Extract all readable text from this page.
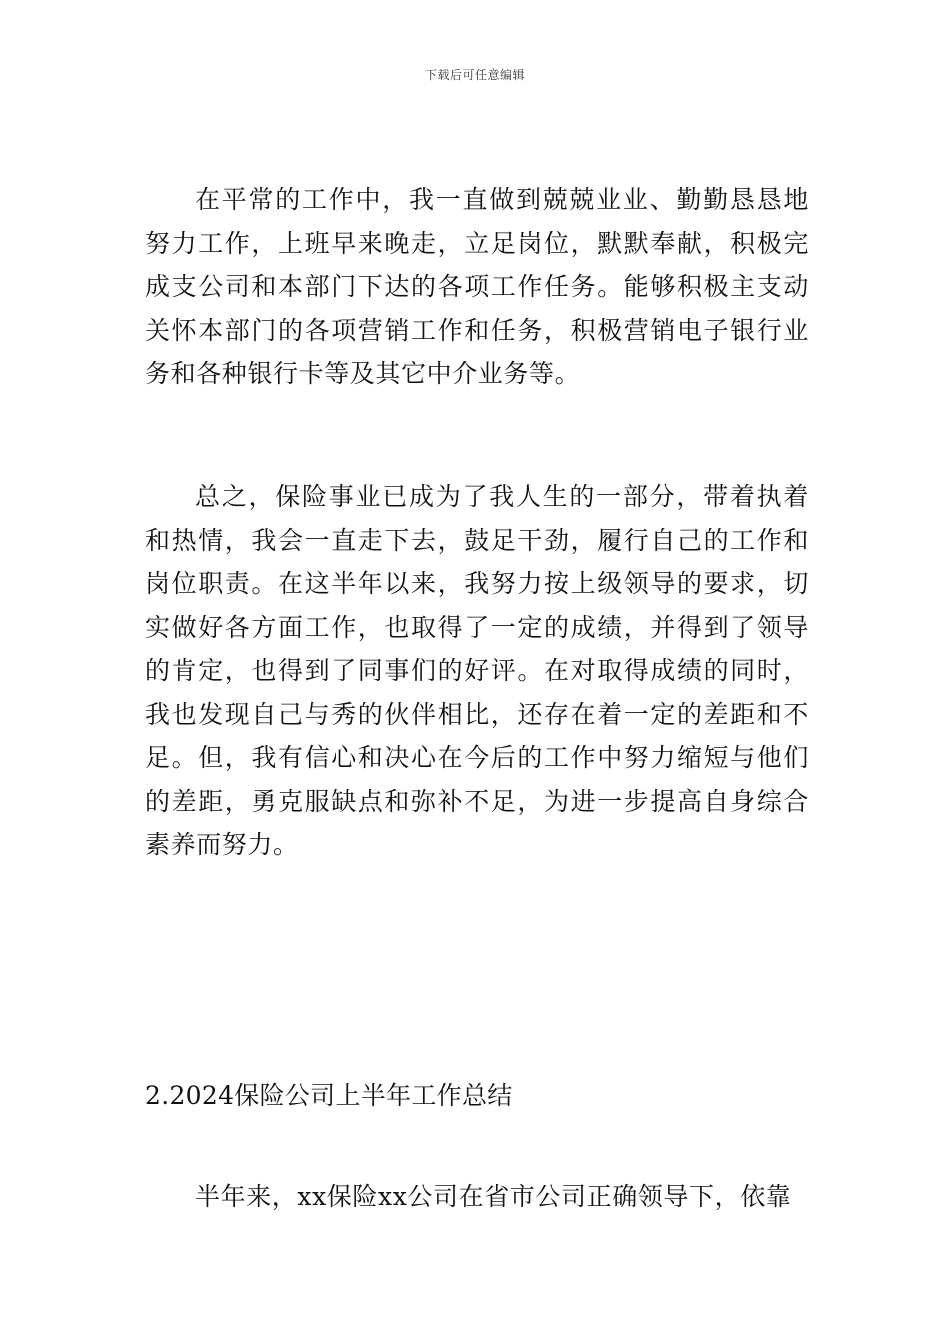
下载后可任意编辑

在平常的工作中，我一直做到兢兢业业、勤勤恳恳地努力工作，上班早来晚走，立足岗位，默默奉献，积极完成支公司和本部门下达的各项工作任务。能够积极主支动关怀本部门的各项营销工作和任务，积极营销电子银行业务和各种银行卡等及其它中介业务等。

总之，保险事业已成为了我人生的一部分，带着执着和热情，我会一直走下去，鼓足干劲，履行自己的工作和岗位职责。在这半年以来，我努力按上级领导的要求，切实做好各方面工作，也取得了一定的成绩，并得到了领导的肯定，也得到了同事们的好评。在对取得成绩的同时，我也发现自己与秀的伙伴相比，还存在着一定的差距和不足。但，我有信心和决心在今后的工作中努力缩短与他们的差距，勇克服缺点和弥补不足，为进一步提高自身综合素养而努力。

2.2024保险公司上半年工作总结

半年来，xx保险xx公司在省市公司正确领导下，依靠
